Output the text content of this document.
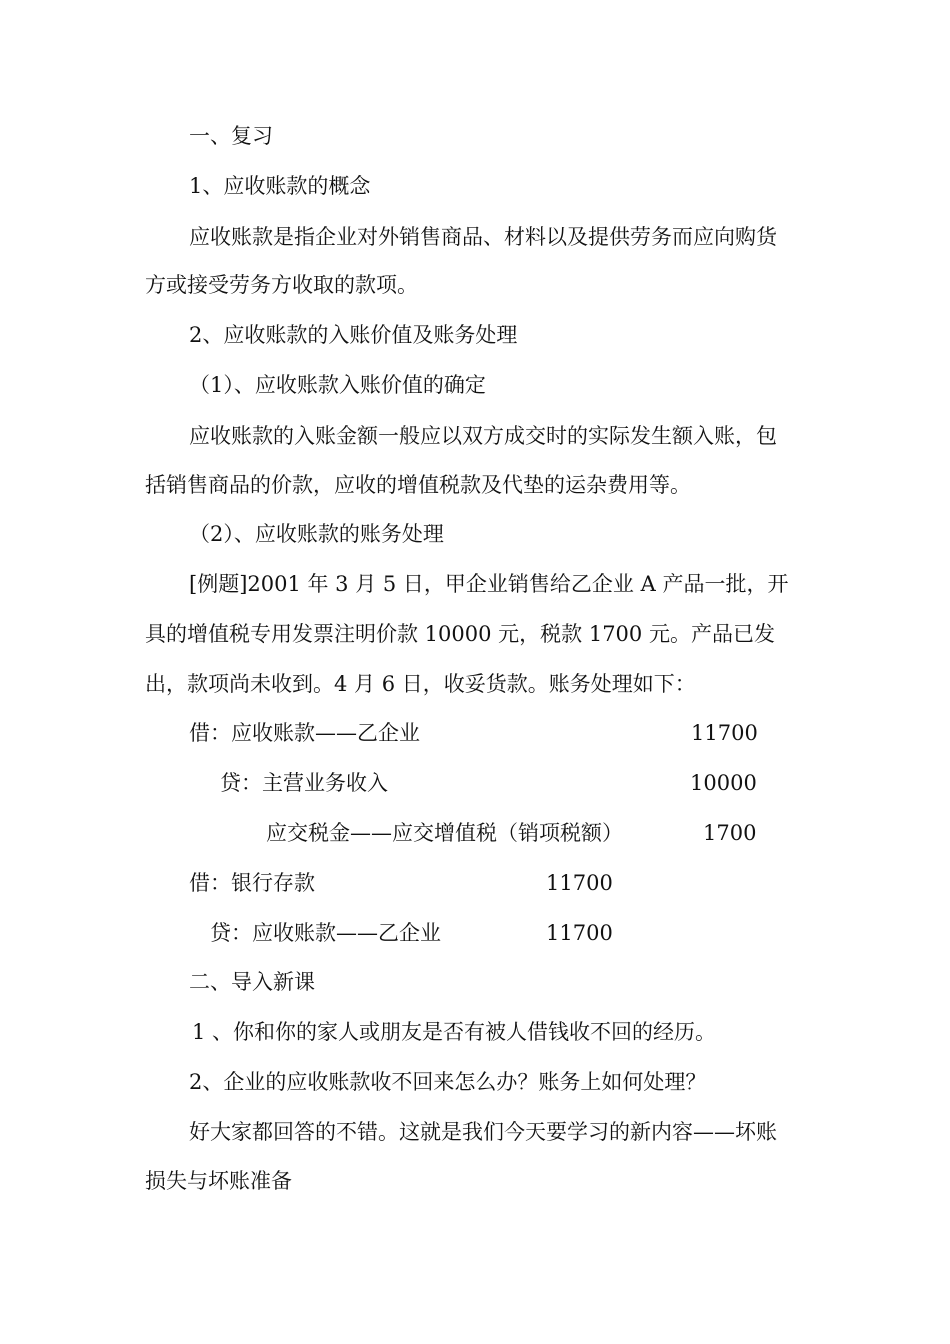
一、复习
1、应收账款的概念
应收账款是指企业对外销售商品、材料以及提供劳务而应向购货
方或接受劳务方收取的款项。
2、应收账款的入账价值及账务处理
（1）、应收账款入账价值的确定
应收账款的入账金额一般应以双方成交时的实际发生额入账，包
括销售商品的价款，应收的增值税款及代垫的运杂费用等。
（2）、应收账款的账务处理
[例题]2001 年 3 月 5 日，甲企业销售给乙企业 A 产品一批，开
具的增值税专用发票注明价款 10000 元，税款 1700 元。产品已发
出，款项尚未收到。4 月 6 日，收妥货款。账务处理如下：
借：应收账款——乙企业	11700
贷：主营业务收入	10000
应交税金——应交增值税（销项税额）	1700
借：银行存款	11700
贷：应收账款——乙企业	11700
二、导入新课
1 、你和你的家人或朋友是否有被人借钱收不回的经历。
2、企业的应收账款收不回来怎么办？账务上如何处理？
好大家都回答的不错。这就是我们今天要学习的新内容——坏账
损失与坏账准备
